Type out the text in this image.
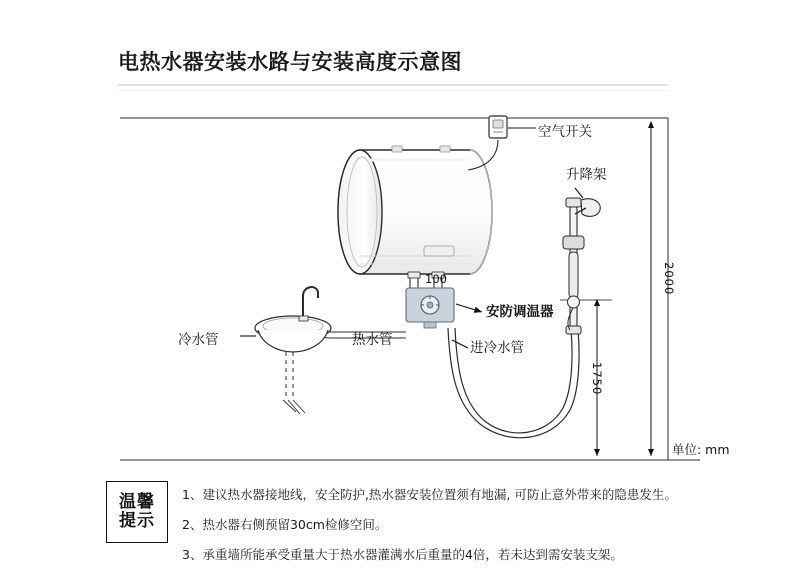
电热水器安装水路与安装高度示意图
空气开关
升降架
安防调温器
冷水管	热水管	进冷水管
2000
1750
100
单位: mm
温馨
提示
1、建议热水器接地线，安全防护,热水器安装位置须有地漏, 可防止意外带来的隐患发生。
2、热水器右侧预留30cm检修空间。
3、承重墙所能承受重量大于热水器灌满水后重量的4倍，若未达到需安装支架。
